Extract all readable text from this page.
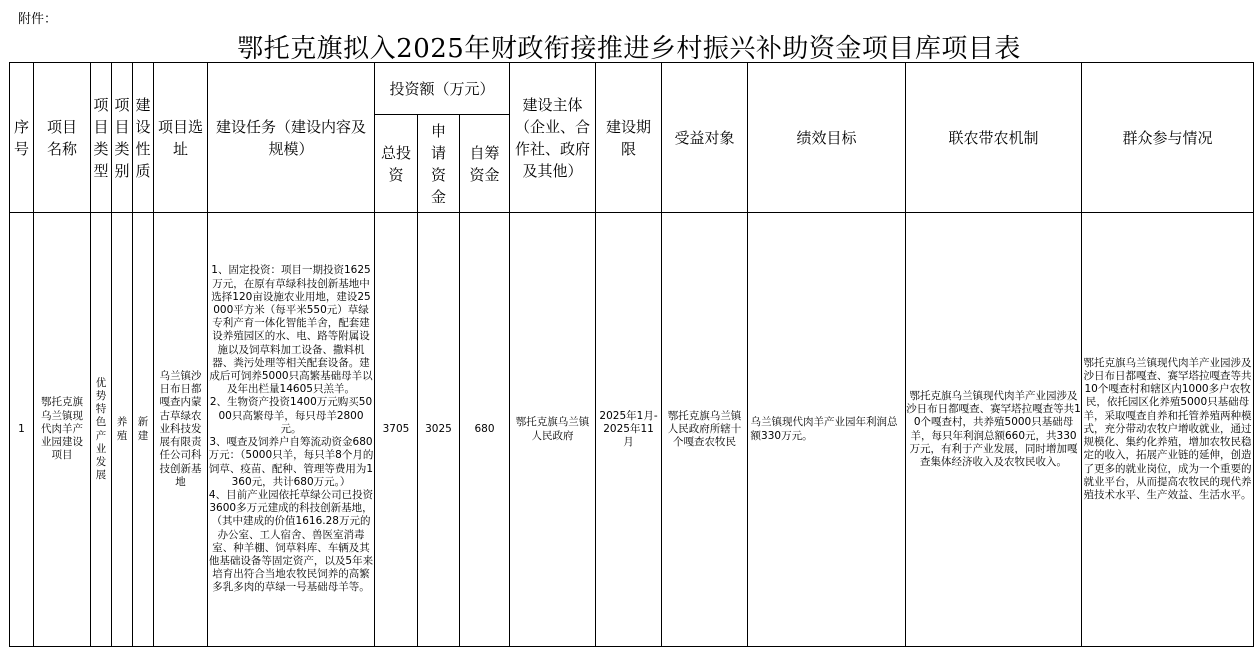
附件：
鄂托克旗拟入2025年财政衔接推进乡村振兴补助资金项目库项目表
序号	项目名称	项目类型	项目类别	建设性质	项目选址	建设任务（建设内容及规模）	投资额（万元）			建设主体（企业、合作社、政府及其他）	建设期限	受益对象	绩效目标	联农带农机制	群众参与情况

							总投资	申请资金	自筹资金						

1	鄂托克旗乌兰镇现代肉羊产业园建设项目	优势特色产业发展	养殖	新建	乌兰镇沙日布日都嘎查内蒙古草绿农业科技发展有限责任公司科技创新基地	1、固定投资：项目一期投资1625万元，在原有草绿科技创新基地中选择120亩设施农业用地，建设25000平方米（每平米550元）草绿专利产育一体化智能羊舍，配套建设养殖园区的水、电、路等附属设施以及饲草料加工设备、撒料机器、粪污处理等相关配套设备。建成后可饲养5000只高繁基础母羊以及年出栏量14605只羔羊。
2、生物资产投资1400万元购买5000只高繁母羊，每只母羊2800元。
3、嘎查及饲养户自筹流动资金680万元：（5000只羊，每只羊8个月的饲草、疫苗、配种、管理等费用为1360元，共计680万元。）
4、目前产业园依托草绿公司已投资3600多万元建成的科技创新基地，（其中建成的价值1616.28万元的办公室、工人宿舍、兽医室消毒室、种羊棚、饲草料库、车辆及其他基础设备等固定资产，以及5年来培育出符合当地农牧民饲养的高繁多乳多肉的草绿一号基础母羊等。	3705	3025	680	鄂托克旗乌兰镇人民政府	2025年1月-2025年11月	鄂托克旗乌兰镇人民政府所辖十个嘎查农牧民	乌兰镇现代肉羊产业园年利润总额330万元。	鄂托克旗乌兰镇现代肉羊产业园涉及沙日布日都嘎查、赛罕塔拉嘎查等共10个嘎查村，共养殖5000只基础母羊，每只年利润总额660元，共330万元，有利于产业发展，同时增加嘎查集体经济收入及农牧民收入。	鄂托克旗乌兰镇现代肉羊产业园涉及沙日布日都嘎查、赛罕塔拉嘎查等共10个嘎查村和辖区内1000多户农牧民，依托园区化养殖5000只基础母羊，采取嘎查自养和托管养殖两种模式，充分带动农牧户增收就业，通过规模化、集约化养殖，增加农牧民稳定的收入，拓展产业链的延伸，创造了更多的就业岗位，成为一个重要的就业平台，从而提高农牧民的现代养殖技术水平、生产效益、生活水平。
